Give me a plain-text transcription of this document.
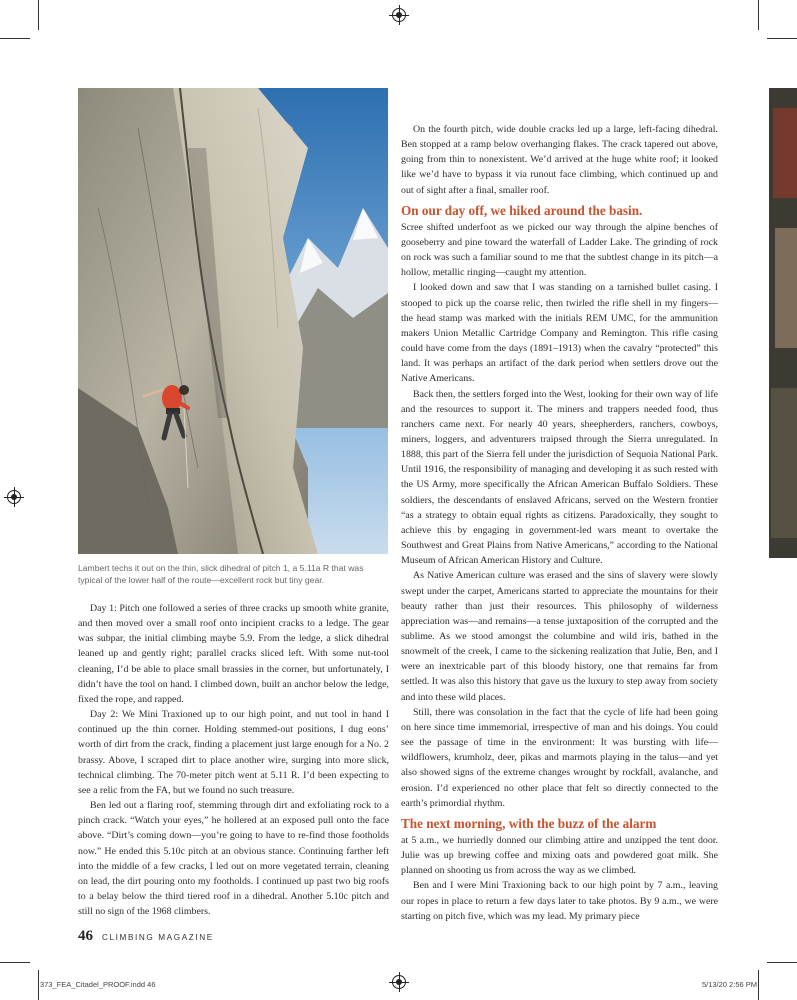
Lambert techs it out on the thin, slick dihedral of pitch 1, a 5.11a R that was typical of the lower half of the route—excellent rock but tiny gear.

Day 1: Pitch one followed a series of three cracks up smooth white granite, and then moved over a small roof onto incipient cracks to a ledge. The gear was subpar, the initial climbing maybe 5.9. From the ledge, a slick dihedral leaned up and gently right; parallel cracks sliced left. With some nut-tool cleaning, I’d be able to place small brassies in the corner, but unfortunately, I didn’t have the tool on hand. I climbed down, built an anchor below the ledge, fixed the rope, and rapped.

Day 2: We Mini Traxioned up to our high point, and nut tool in hand I continued up the thin corner. Holding stemmed-out positions, I dug eons’ worth of dirt from the crack, finding a placement just large enough for a No. 2 brassy. Above, I scraped dirt to place another wire, surging into more slick, technical climbing. The 70-meter pitch went at 5.11 R. I’d been expecting to see a relic from the FA, but we found no such treasure.

Ben led out a flaring roof, stemming through dirt and exfoliating rock to a pinch crack. “Watch your eyes,” he hollered at an exposed pull onto the face above. “Dirt’s coming down—you’re going to have to re-find those footholds now.” He ended this 5.10c pitch at an obvious stance. Continuing farther left into the middle of a few cracks, I led out on more vegetated terrain, cleaning on lead, the dirt pouring onto my footholds. I continued up past two big roofs to a belay below the third tiered roof in a dihedral. Another 5.10c pitch and still no sign of the 1968 climbers.

On the fourth pitch, wide double cracks led up a large, left-facing dihedral. Ben stopped at a ramp below overhanging flakes. The crack tapered out above, going from thin to nonexistent. We’d arrived at the huge white roof; it looked like we’d have to bypass it via runout face climbing, which continued up and out of sight after a final, smaller roof.

On our day off, we hiked around the basin.

Scree shifted underfoot as we picked our way through the alpine benches of gooseberry and pine toward the waterfall of Ladder Lake. The grinding of rock on rock was such a familiar sound to me that the subtlest change in its pitch—a hollow, metallic ringing—caught my attention.

I looked down and saw that I was standing on a tarnished bullet casing. I stooped to pick up the coarse relic, then twirled the rifle shell in my fingers—the head stamp was marked with the initials REM UMC, for the ammunition makers Union Metallic Cartridge Company and Remington. This rifle casing could have come from the days (1891–1913) when the cavalry “protected” this land. It was perhaps an artifact of the dark period when settlers drove out the Native Americans.

Back then, the settlers forged into the West, looking for their own way of life and the resources to support it. The miners and trappers needed food, thus ranchers came next. For nearly 40 years, sheepherders, ranchers, cowboys, miners, loggers, and adventurers traipsed through the Sierra unregulated. In 1888, this part of the Sierra fell under the jurisdiction of Sequoia National Park. Until 1916, the responsibility of managing and developing it as such rested with the US Army, more specifically the African American Buffalo Soldiers. These soldiers, the descendants of enslaved Africans, served on the Western frontier “as a strategy to obtain equal rights as citizens. Paradoxically, they sought to achieve this by engaging in government-led wars meant to overtake the Southwest and Great Plains from Native Americans,” according to the National Museum of African American History and Culture.

As Native American culture was erased and the sins of slavery were slowly swept under the carpet, Americans started to appreciate the mountains for their beauty rather than just their resources. This philosophy of wilderness appreciation was—and remains—a tense juxtaposition of the corrupted and the sublime. As we stood amongst the columbine and wild iris, bathed in the snowmelt of the creek, I came to the sickening realization that Julie, Ben, and I were an inextricable part of this bloody history, one that remains far from settled. It was also this history that gave us the luxury to step away from society and into these wild places.

Still, there was consolation in the fact that the cycle of life had been going on here since time immemorial, irrespective of man and his doings. You could see the passage of time in the environment: It was bursting with life—wildflowers, krumholz, deer, pikas and marmots playing in the talus—and yet also showed signs of the extreme changes wrought by rockfall, avalanche, and erosion. I’d experienced no other place that felt so directly connected to the earth’s primordial rhythm.

The next morning, with the buzz of the alarm

at 5 a.m., we hurriedly donned our climbing attire and unzipped the tent door. Julie was up brewing coffee and mixing oats and powdered goat milk. She planned on shooting us from across the way as we climbed.

Ben and I were Mini Traxioning back to our high point by 7 a.m., leaving our ropes in place to return a few days later to take photos. By 9 a.m., we were starting on pitch five, which was my lead. My primary piece

46 CLIMBING MAGAZINE
373_FEA_Citadel_PROOF.indd 46	5/13/20 2:56 PM
